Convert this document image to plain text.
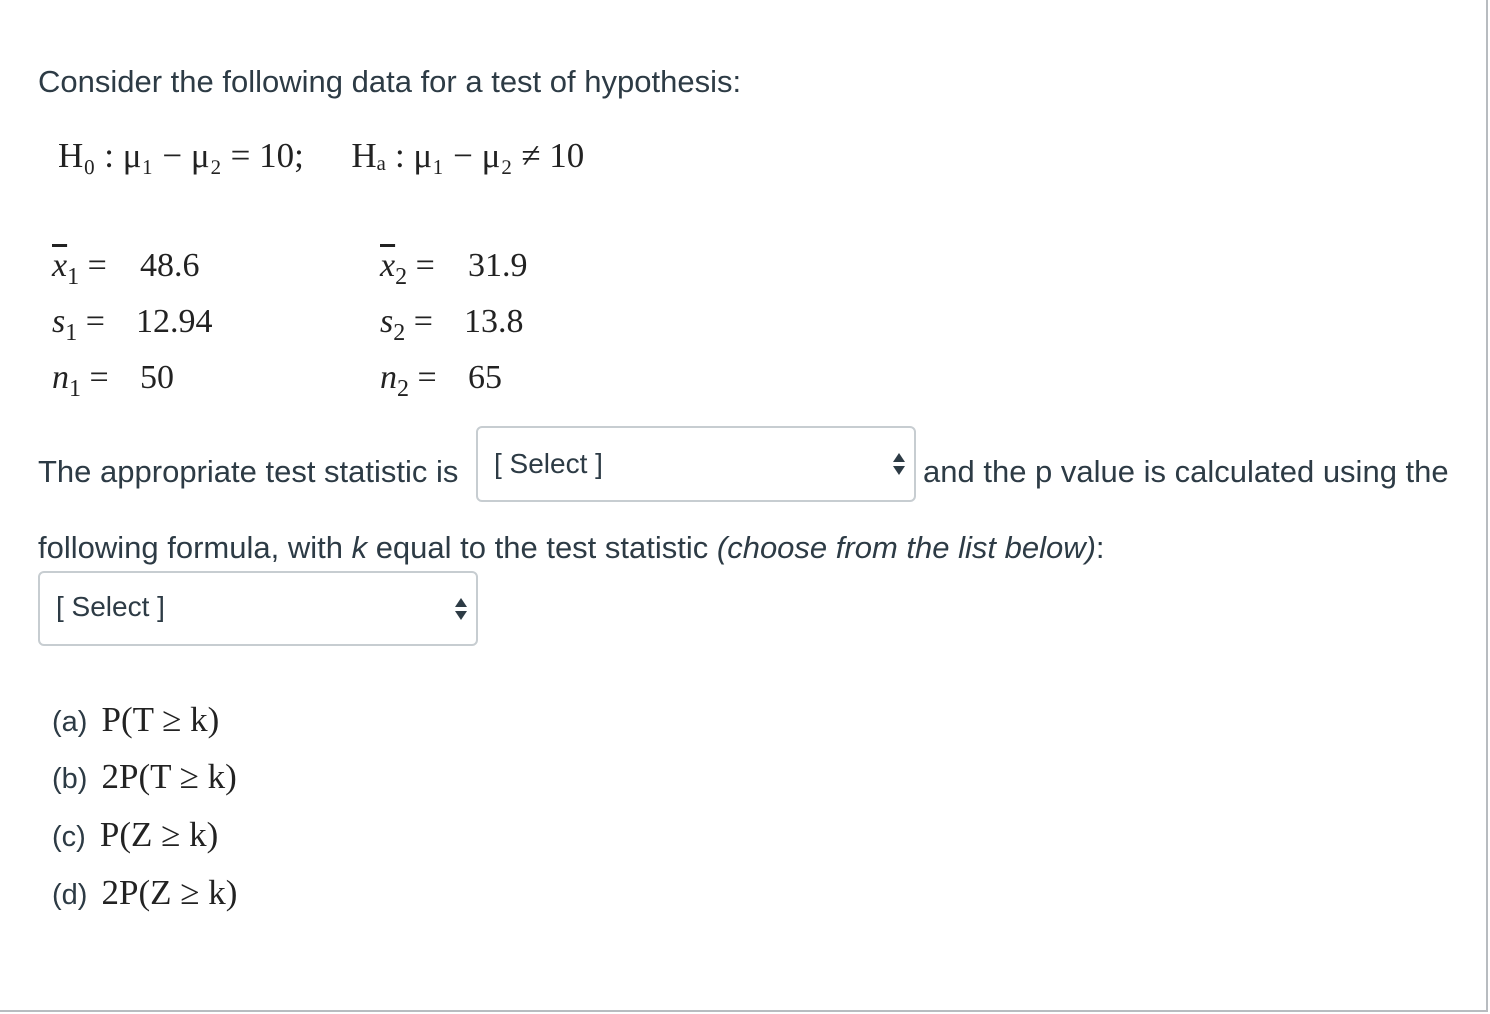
Consider the following data for a test of hypothesis:
H₀ : μ₁ − μ₂ = 10; Hₐ : μ₁ − μ₂ ≠ 10
$\overline{x}_1 = 48.6$
$s_1 = 12.94$
$n_1 = 50$
$\overline{x}_2 = 31.9$
$s_2 = 13.8$
$n_2 = 65$
The appropriate test statistic is [ Select ]	and the p value is calculated using the
following formula, with k equal to the test statistic (choose from the list below):
[ Select ]
(a) P(T ≥ k)
(b) 2P(T ≥ k)
(c) P(Z ≥ k)
(d) 2P(Z ≥ k)
